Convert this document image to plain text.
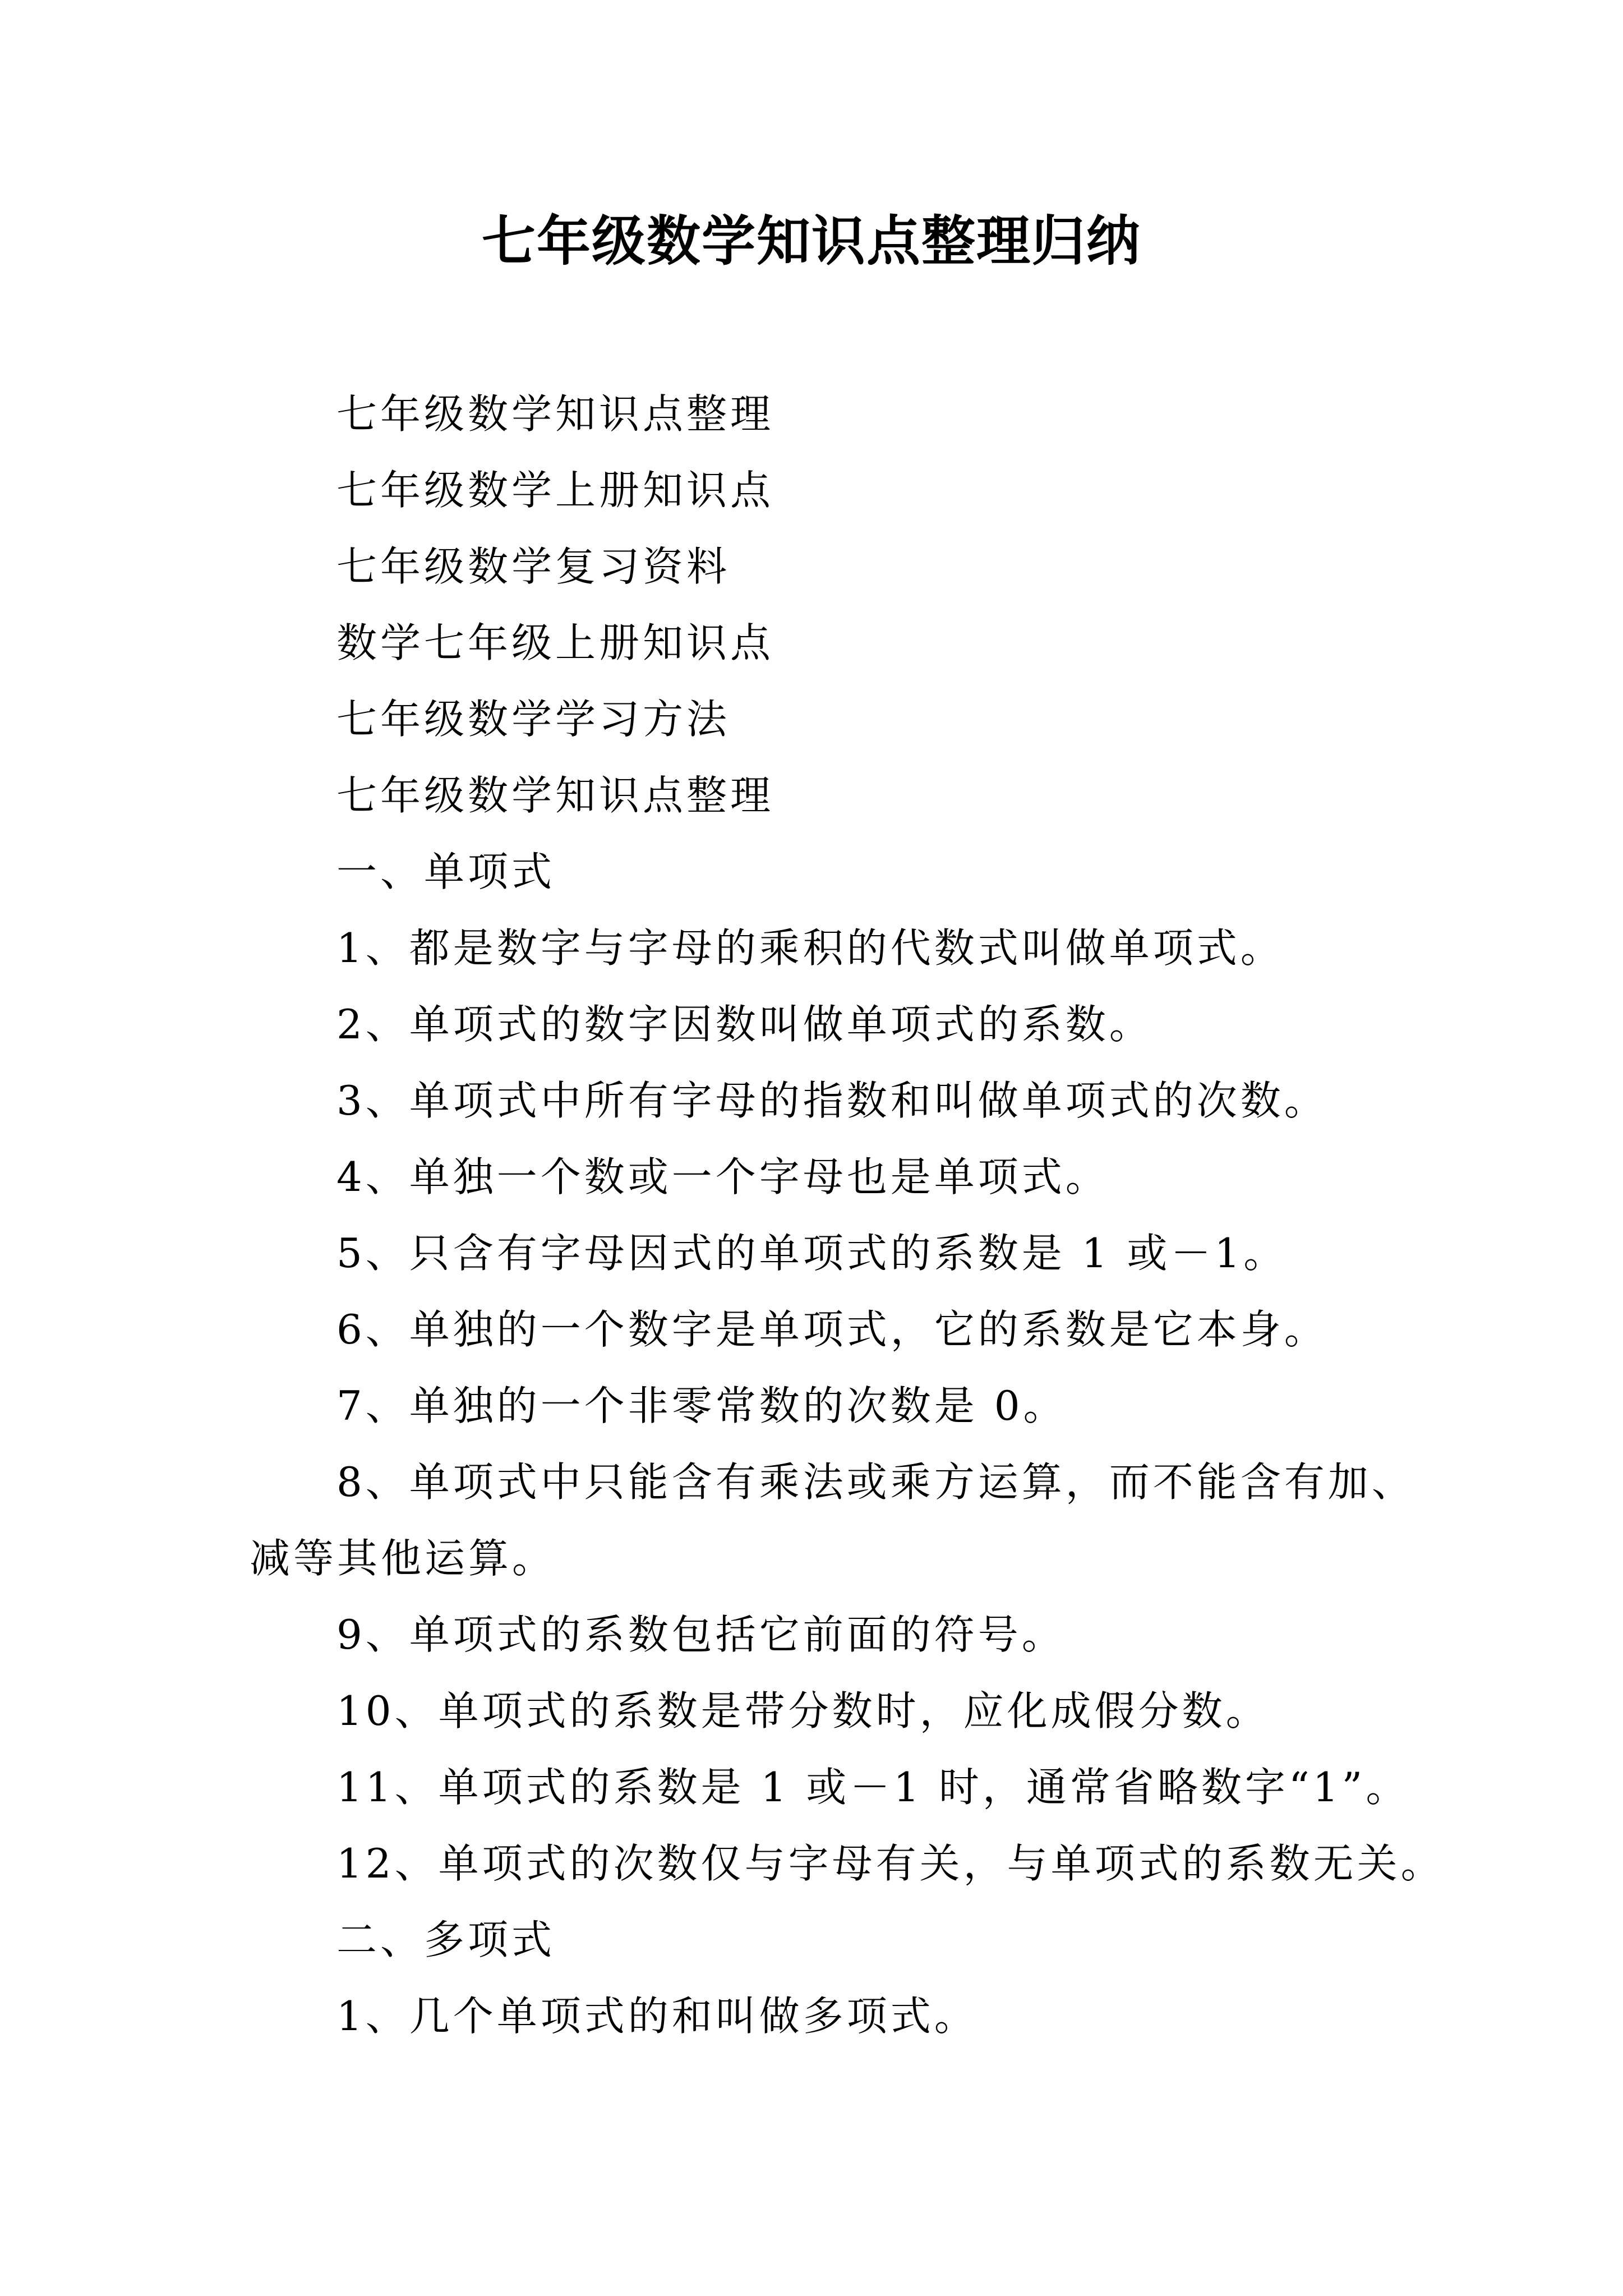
七年级数学知识点整理归纳
七年级数学知识点整理
七年级数学上册知识点
七年级数学复习资料
数学七年级上册知识点
七年级数学学习方法
七年级数学知识点整理
一、单项式
1、都是数字与字母的乘积的代数式叫做单项式。
2、单项式的数字因数叫做单项式的系数。
3、单项式中所有字母的指数和叫做单项式的次数。
4、单独一个数或一个字母也是单项式。
5、只含有字母因式的单项式的系数是 1 或－1。
6、单独的一个数字是单项式，它的系数是它本身。
7、单独的一个非零常数的次数是 0。
8、单项式中只能含有乘法或乘方运算，而不能含有加、
减等其他运算。
9、单项式的系数包括它前面的符号。
10、单项式的系数是带分数时，应化成假分数。
11、单项式的系数是 1 或－1 时，通常省略数字“1”。
12、单项式的次数仅与字母有关，与单项式的系数无关。
二、多项式
1、几个单项式的和叫做多项式。
